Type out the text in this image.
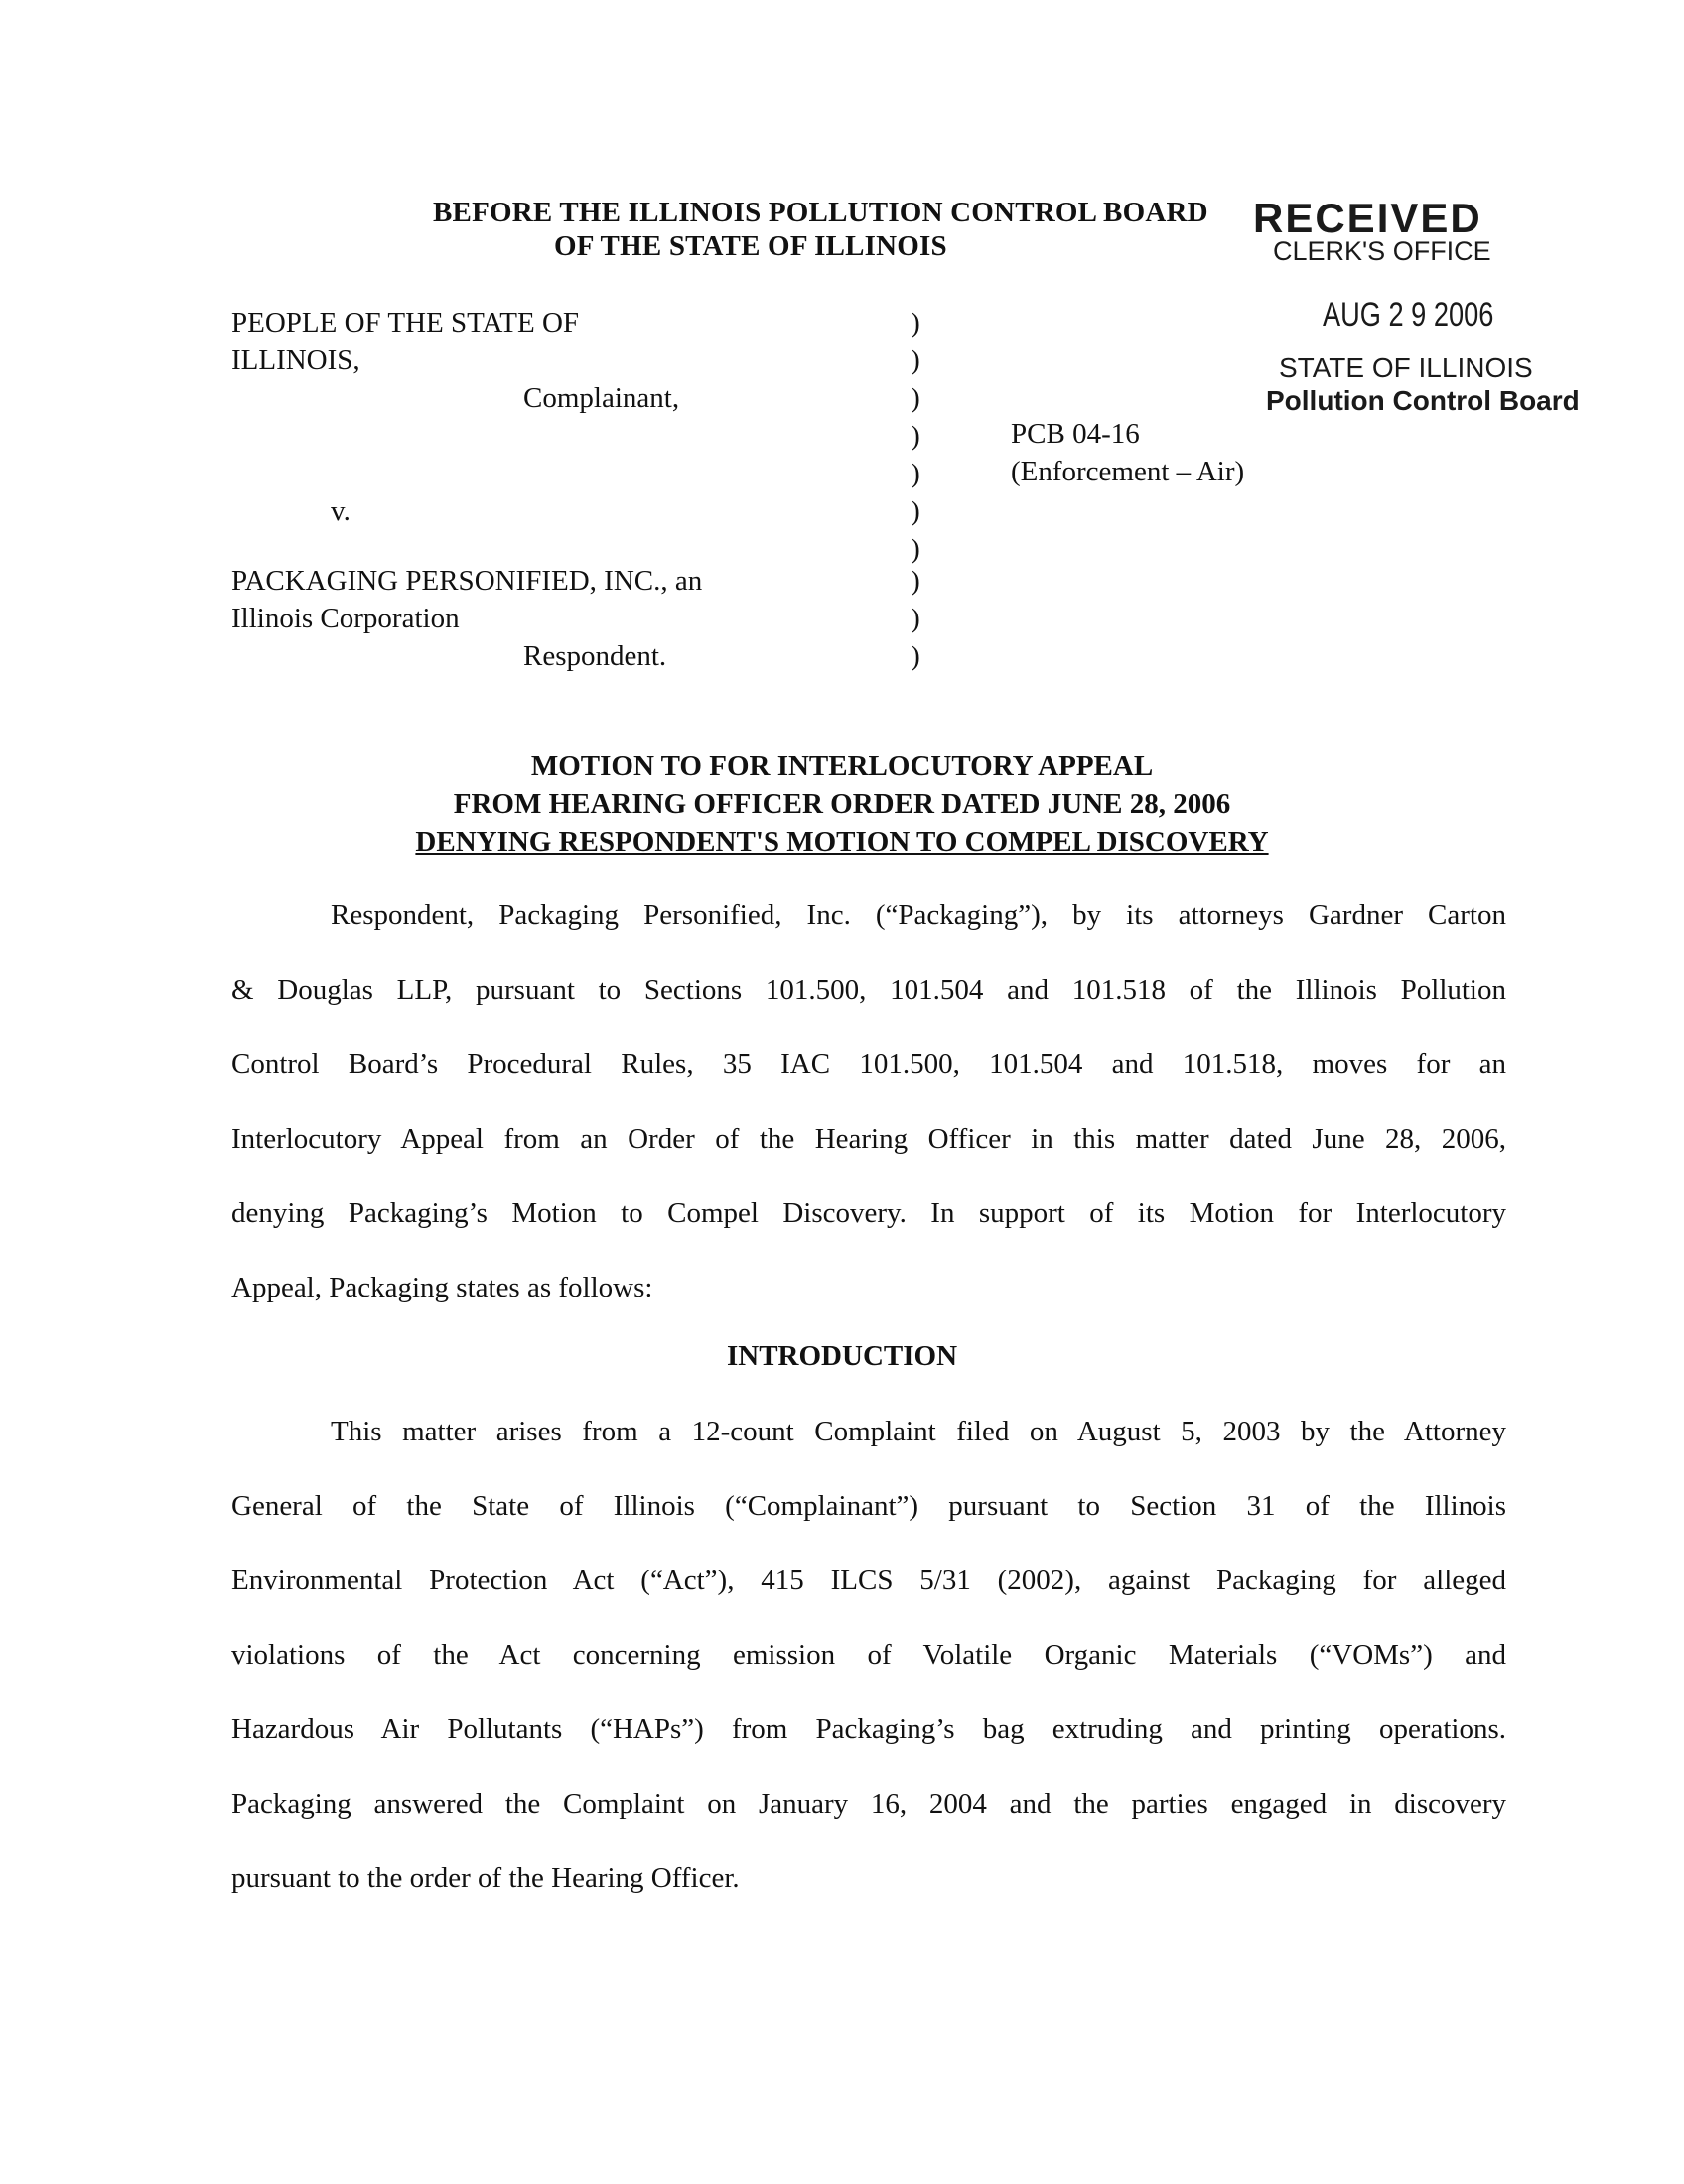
BEFORE THE ILLINOIS POLLUTION CONTROL BOARD
OF THE STATE OF ILLINOIS
RECEIVED
CLERK'S OFFICE
AUG 2 9 2006
STATE OF ILLINOIS
Pollution Control Board
PEOPLE OF THE STATE OF
ILLINOIS,
Complainant,
v.
PACKAGING PERSONIFIED, INC., an
Illinois Corporation
Respondent.
)
)
)
)
)
)
)
)
)
)
PCB 04-16
(Enforcement – Air)
MOTION TO FOR INTERLOCUTORY APPEAL
FROM HEARING OFFICER ORDER DATED JUNE 28, 2006
DENYING RESPONDENT'S MOTION TO COMPEL DISCOVERY
Respondent, Packaging Personified, Inc. (“Packaging”), by its attorneys Gardner Carton
& Douglas LLP, pursuant to Sections 101.500, 101.504 and 101.518 of the Illinois Pollution
Control Board’s Procedural Rules, 35 IAC 101.500, 101.504 and 101.518, moves for an
Interlocutory Appeal from an Order of the Hearing Officer in this matter dated June 28, 2006,
denying Packaging’s Motion to Compel Discovery. In support of its Motion for Interlocutory
Appeal, Packaging states as follows:
INTRODUCTION
This matter arises from a 12-count Complaint filed on August 5, 2003 by the Attorney
General of the State of Illinois (“Complainant”) pursuant to Section 31 of the Illinois
Environmental Protection Act (“Act”), 415 ILCS 5/31 (2002), against Packaging for alleged
violations of the Act concerning emission of Volatile Organic Materials (“VOMs”) and
Hazardous Air Pollutants (“HAPs”) from Packaging’s bag extruding and printing operations.
Packaging answered the Complaint on January 16, 2004 and the parties engaged in discovery
pursuant to the order of the Hearing Officer.
